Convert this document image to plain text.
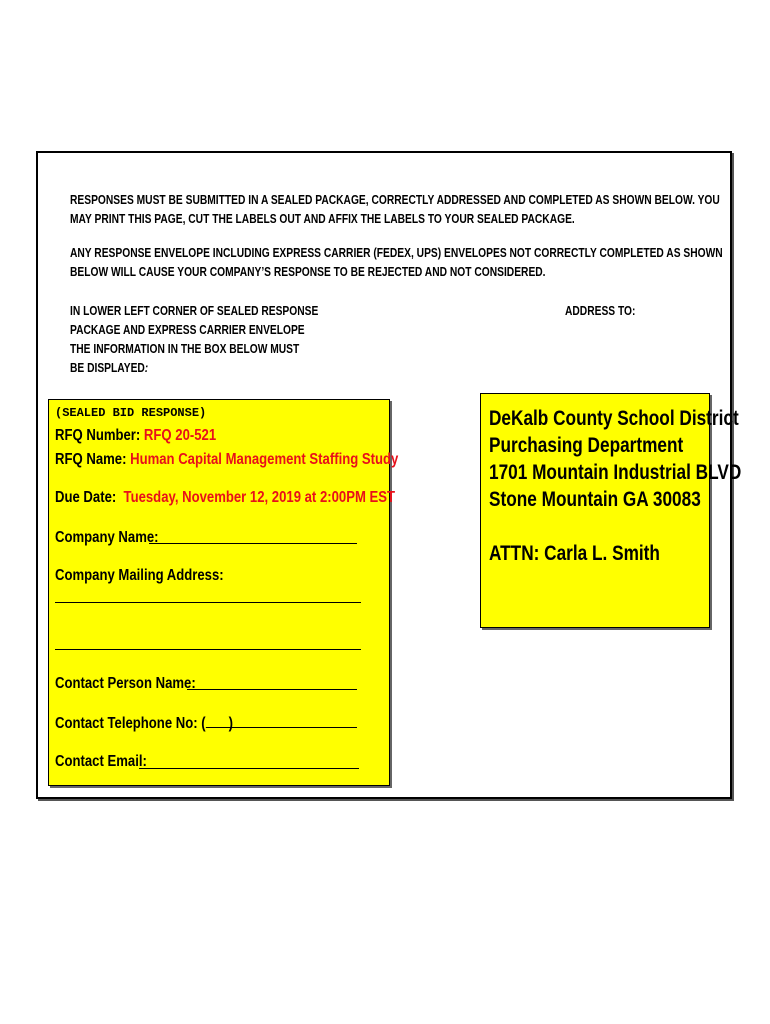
RESPONSES MUST BE SUBMITTED IN A SEALED PACKAGE, CORRECTLY ADDRESSED AND COMPLETED AS SHOWN BELOW. YOU
MAY PRINT THIS PAGE, CUT THE LABELS OUT AND AFFIX THE LABELS TO YOUR SEALED PACKAGE.
ANY RESPONSE ENVELOPE INCLUDING EXPRESS CARRIER (FEDEX, UPS) ENVELOPES NOT CORRECTLY COMPLETED AS SHOWN
BELOW WILL CAUSE YOUR COMPANY’S RESPONSE TO BE REJECTED AND NOT CONSIDERED.
IN LOWER LEFT CORNER OF SEALED RESPONSE
PACKAGE AND EXPRESS CARRIER ENVELOPE
THE INFORMATION IN THE BOX BELOW MUST
BE DISPLAYED:
ADDRESS TO:
(SEALED BID RESPONSE)
RFQ Number: RFQ 20-521
RFQ Name: Human Capital Management Staffing Study
Due Date: Tuesday, November 12, 2019 at 2:00PM EST
Company Name:
Company Mailing Address:
Contact Person Name:
Contact Telephone No: ( )
Contact Email:
DeKalb County School District
Purchasing Department
1701 Mountain Industrial BLVD
Stone Mountain GA 30083
ATTN: Carla L. Smith
